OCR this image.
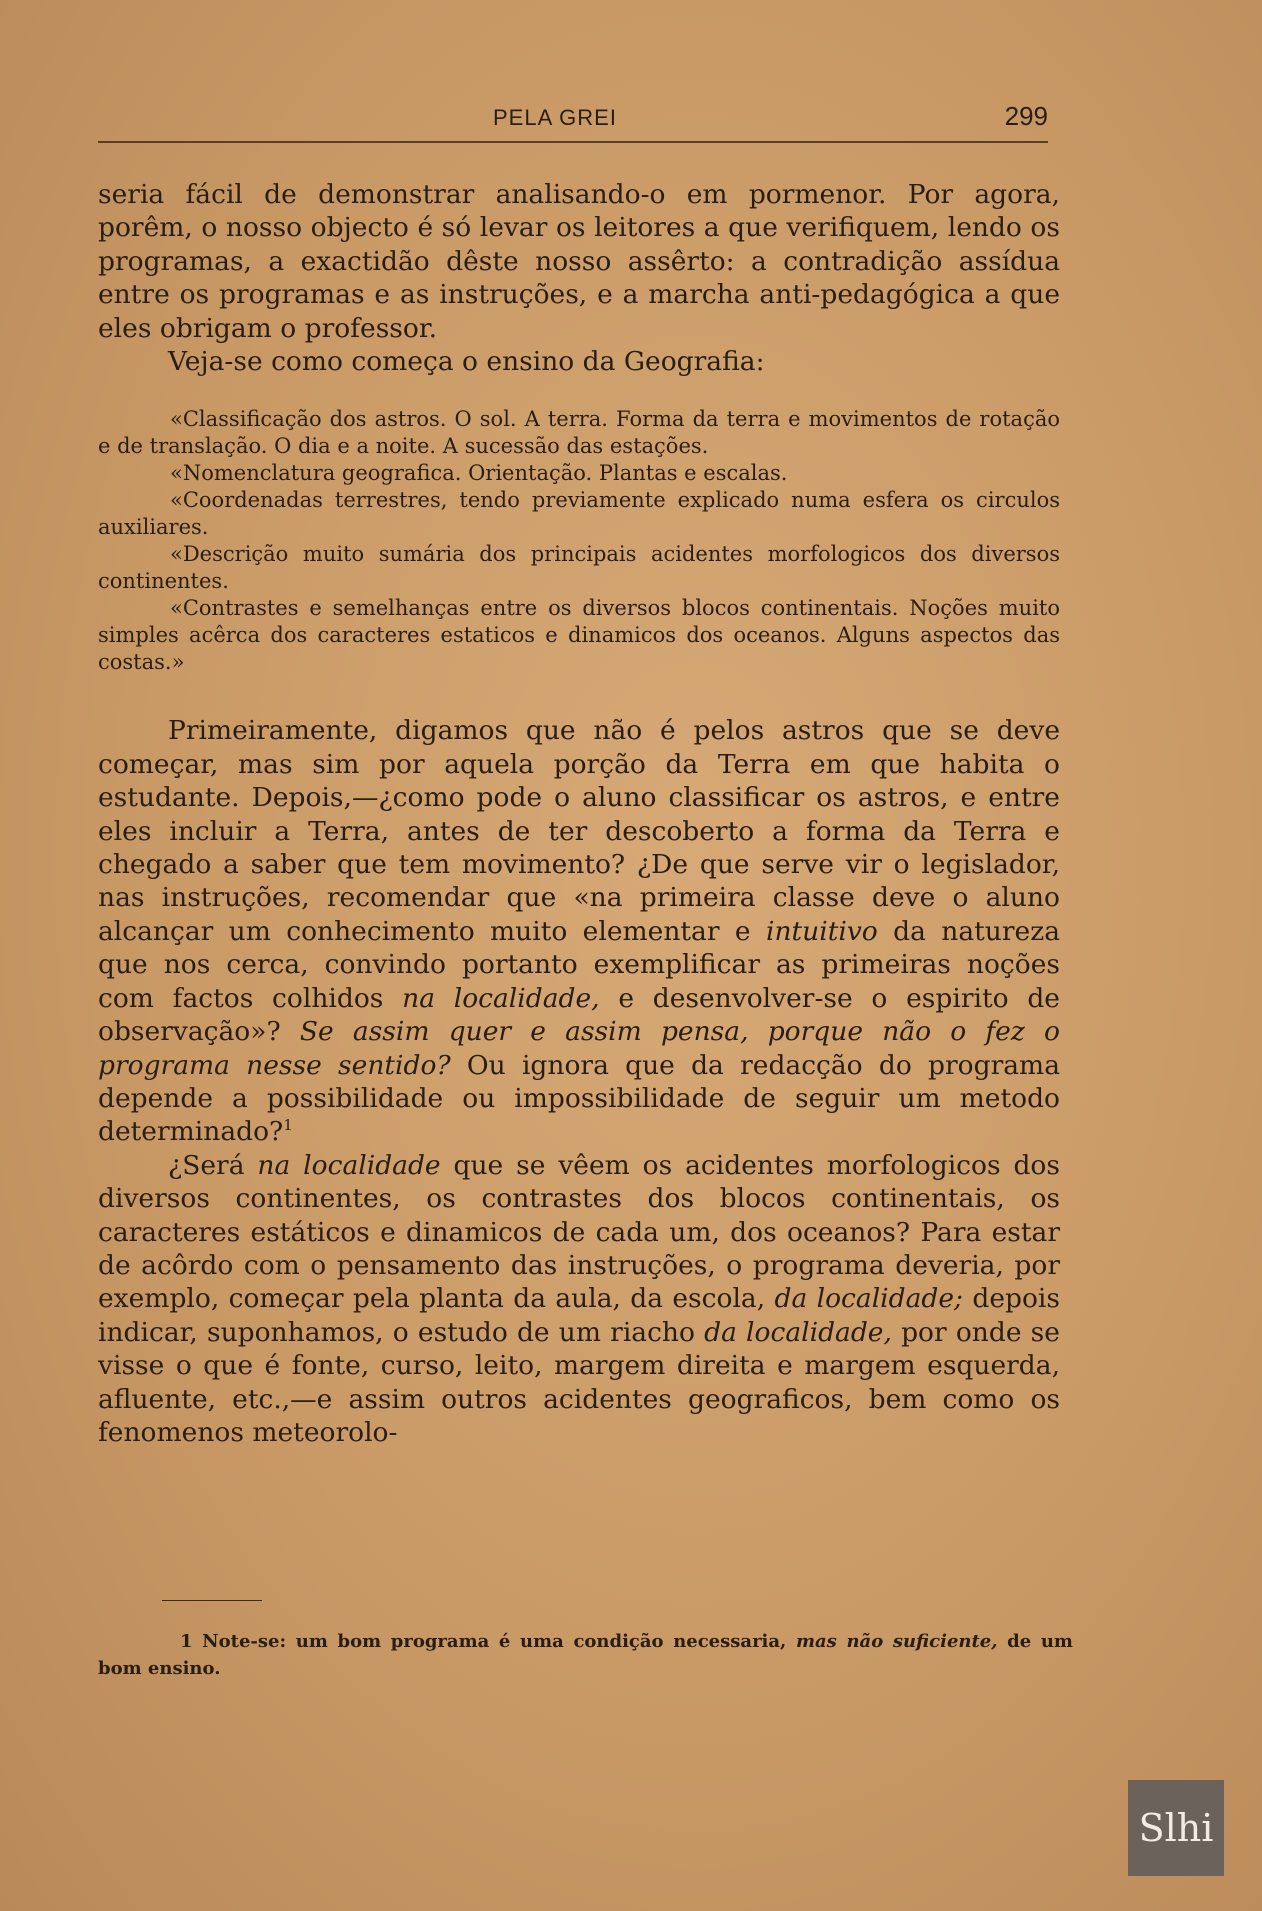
PELA GREI	299

seria fácil de demonstrar analisando-o em pormenor. Por agora, porêm, o nosso objecto é só levar os leitores a que verifiquem, lendo os programas, a exactidão dêste nosso assêrto: a contradição assídua entre os programas e as instruções, e a marcha anti-pedagógica a que eles obrigam o professor.

Veja-se como começa o ensino da Geografia:

«Classificação dos astros. O sol. A terra. Forma da terra e movimentos de rotação e de translação. O dia e a noite. A sucessão das estações.

«Nomenclatura geografica. Orientação. Plantas e escalas.

«Coordenadas terrestres, tendo previamente explicado numa esfera os circulos auxiliares.

«Descrição muito sumária dos principais acidentes morfologicos dos diversos continentes.

«Contrastes e semelhanças entre os diversos blocos continentais. Noções muito simples acêrca dos caracteres estaticos e dinamicos dos oceanos. Alguns aspectos das costas.»

Primeiramente, digamos que não é pelos astros que se deve começar, mas sim por aquela porção da Terra em que habita o estudante. Depois,—¿como pode o aluno classificar os astros, e entre eles incluir a Terra, antes de ter descoberto a forma da Terra e chegado a saber que tem movimento? ¿De que serve vir o legislador, nas instruções, recomendar que «na primeira classe deve o aluno alcançar um conhecimento muito elementar e intuitivo da natureza que nos cerca, convindo portanto exemplificar as primeiras noções com factos colhidos na localidade, e desenvolver-se o espirito de observação»? Se assim quer e assim pensa, porque não o fez o programa nesse sentido? Ou ignora que da redacção do programa depende a possibilidade ou impossibilidade de seguir um metodo determinado?$^1$

¿Será na localidade que se vêem os acidentes morfologicos dos diversos continentes, os contrastes dos blocos continentais, os caracteres estáticos e dinamicos de cada um, dos oceanos? Para estar de acôrdo com o pensamento das instruções, o programa deveria, por exemplo, começar pela planta da aula, da escola, da localidade; depois indicar, suponhamos, o estudo de um riacho da localidade, por onde se visse o que é fonte, curso, leito, margem direita e margem esquerda, afluente, etc.,—e assim outros acidentes geograficos, bem como os fenomenos meteorolo-

1 Note-se: um bom programa é uma condição necessaria, mas não suficiente, de um bom ensino.
Slhi
